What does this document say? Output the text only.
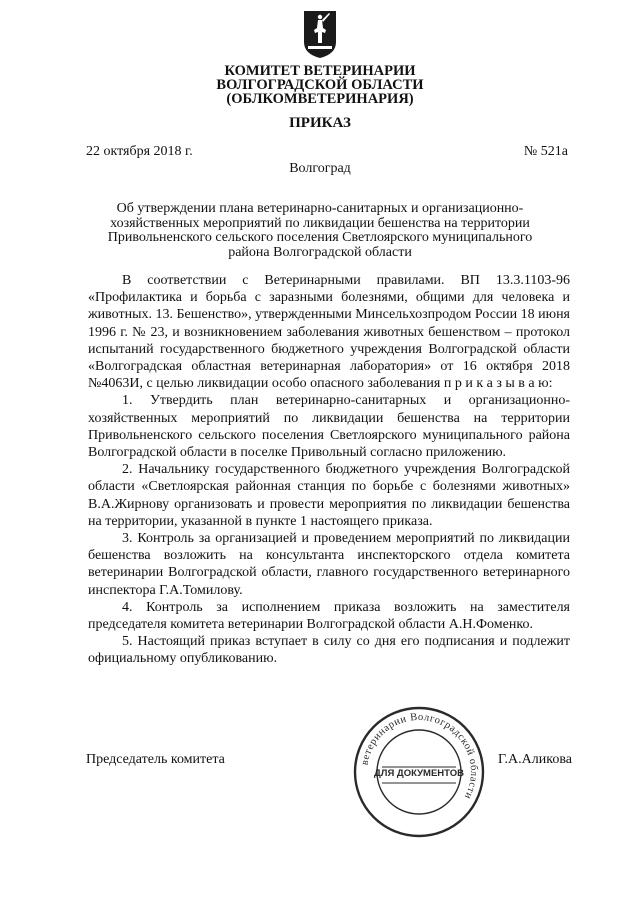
КОМИТЕТ ВЕТЕРИНАРИИ
ВОЛГОГРАДСКОЙ ОБЛАСТИ
(ОБЛКОМВЕТЕРИНАРИЯ)
ПРИКАЗ
22 октября 2018 г.	№ 521а
Волгоград
Об утверждении плана ветеринарно-санитарных и организационно-хозяйственных мероприятий по ликвидации бешенства на территории Привольненского сельского поселения Светлоярского муниципального района Волгоградской области

В соответствии с Ветеринарными правилами. ВП 13.3.1103-96 «Профилактика и борьба с заразными болезнями, общими для человека и животных. 13. Бешенство», утвержденными Минсельхозпродом России 18 июня 1996 г. № 23, и возникновением заболевания животных бешенством – протокол испытаний государственного бюджетного учреждения Волгоградской области «Волгоградская областная ветеринарная лаборатория» от 16 октября 2018 №4063И, с целью ликвидации особо опасного заболевания п р и к а з ы в а ю:

1. Утвердить план ветеринарно-санитарных и организационно-хозяйственных мероприятий по ликвидации бешенства на территории Привольненского сельского поселения Светлоярского муниципального района Волгоградской области в поселке Привольный согласно приложению.

2. Начальнику государственного бюджетного учреждения Волгоградской области «Светлоярская районная станция по борьбе с болезнями животных» В.А.Жирнову организовать и провести мероприятия по ликвидации бешенства на территории, указанной в пункте 1 настоящего приказа.

3. Контроль за организацией и проведением мероприятий по ликвидации бешенства возложить на консультанта инспекторского отдела комитета ветеринарии Волгоградской области, главного государственного ветеринарного инспектора Г.А.Томилову.

4. Контроль за исполнением приказа возложить на заместителя председателя комитета ветеринарии Волгоградской области А.Н.Фоменко.

5. Настоящий приказ вступает в силу со дня его подписания и подлежит официальному опубликованию.

Председатель комитета	Г.А.Аликова
ветеринарии Волгоградской области
ДЛЯ ДОКУМЕНТОВ
